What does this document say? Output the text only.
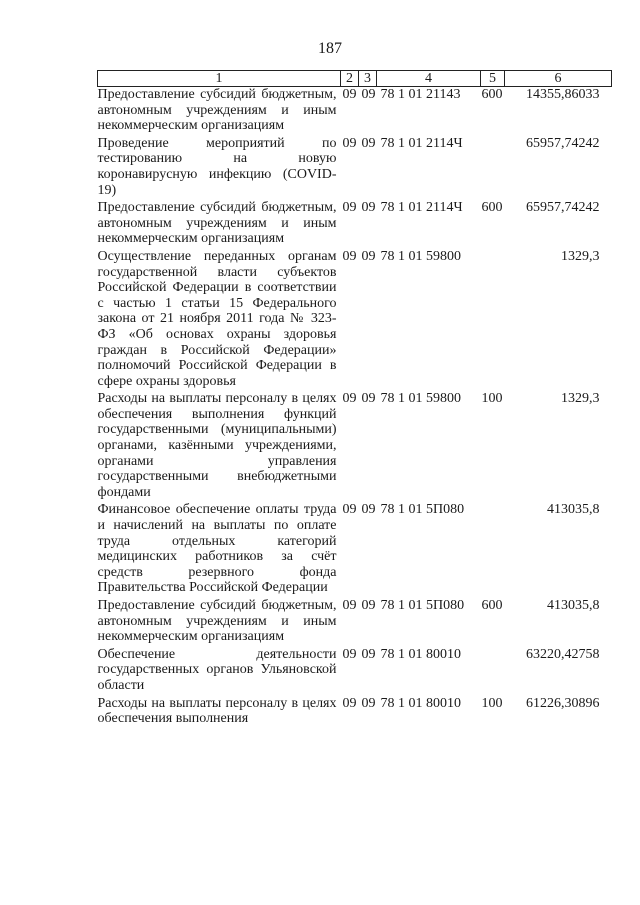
187
1	2	3	4	5	6
Предоставление субсидий бюджетным, автономным учреждениям и иным некоммерческим организациям	09	09	78 1 01 21143	600	14355,86033
Проведение мероприятий по тестированию на новую коронавирусную инфекцию (COVID-19)	09	09	78 1 01 2114Ч		65957,74242
Предоставление субсидий бюджетным, автономным учреждениям и иным некоммерческим организациям	09	09	78 1 01 2114Ч	600	65957,74242
Осуществление переданных органам государственной власти субъектов Российской Федерации в соответствии с частью 1 статьи 15 Федерального закона от 21 ноября 2011 года № 323-ФЗ «Об основах охраны здоровья граждан в Российской Федерации» полномочий Российской Федерации в сфере охраны здоровья	09	09	78 1 01 59800		1329,3
Расходы на выплаты персоналу в целях обеспечения выполнения функций государственными (муниципальными) органами, казёнными учреждениями, органами управления государственными внебюджетными фондами	09	09	78 1 01 59800	100	1329,3
Финансовое обеспечение оплаты труда и начислений на выплаты по оплате труда отдельных категорий медицинских работников за счёт средств резервного фонда Правительства Российской Федерации	09	09	78 1 01 5П080		413035,8
Предоставление субсидий бюджетным, автономным учреждениям и иным некоммерческим организациям	09	09	78 1 01 5П080	600	413035,8
Обеспечение деятельности государственных органов Ульяновской области	09	09	78 1 01 80010		63220,42758
Расходы на выплаты персоналу в целях обеспечения выполнения	09	09	78 1 01 80010	100	61226,30896
